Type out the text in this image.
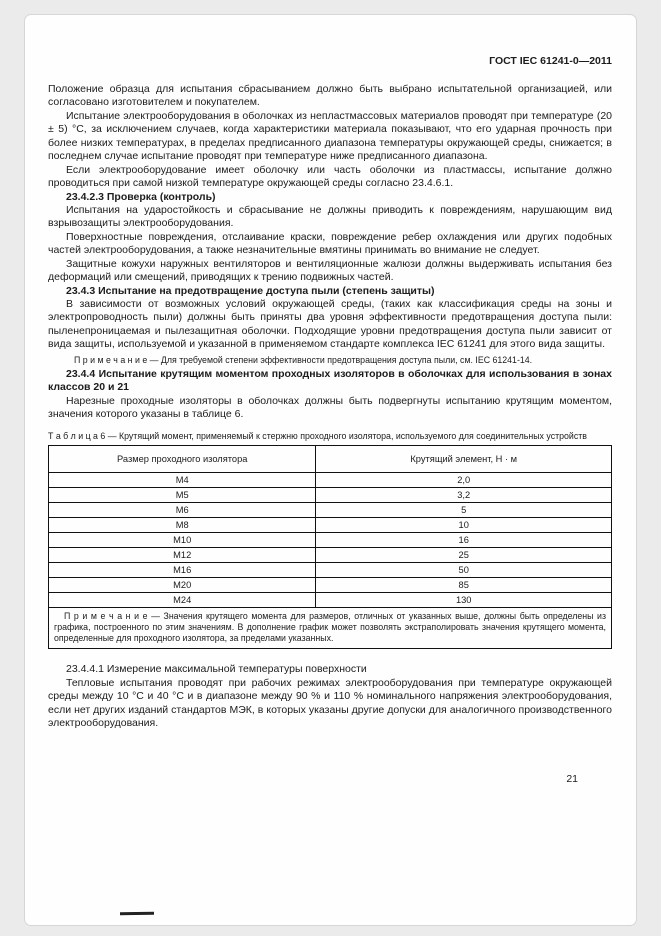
ГОСТ IEC 61241-0—2011

Положение образца для испытания сбрасыванием должно быть выбрано испытательной организацией, или согласовано изготовителем и покупателем.

Испытание электрооборудования в оболочках из непластмассовых материалов проводят при температуре (20 ± 5) °С, за исключением случаев, когда характеристики материала показывают, что его ударная прочность при более низких температурах, в пределах предписанного диапазона температуры окружающей среды, снижается; в последнем случае испытание проводят при температуре ниже предписанного диапазона.

Если электрооборудование имеет оболочку или часть оболочки из пластмассы, испытание должно проводиться при самой низкой температуре окружающей среды согласно 23.4.6.1.

23.4.2.3 Проверка (контроль)

Испытания на ударостойкость и сбрасывание не должны приводить к повреждениям, нарушающим вид взрывозащиты электрооборудования.

Поверхностные повреждения, отслаивание краски, повреждение ребер охлаждения или других подобных частей электрооборудования, а также незначительные вмятины принимать во внимание не следует.

Защитные кожухи наружных вентиляторов и вентиляционные жалюзи должны выдерживать испытания без деформаций или смещений, приводящих к трению подвижных частей.

23.4.3 Испытание на предотвращение доступа пыли (степень защиты)

В зависимости от возможных условий окружающей среды, (таких как классификация среды на зоны и электропроводность пыли) должны быть приняты два уровня эффективности предотвращения доступа пыли: пыленепроницаемая и пылезащитная оболочки. Подходящие уровни предотвращения доступа пыли зависит от вида защиты, используемой и указанной в применяемом стандарте комплекса IEC 61241 для этого вида защиты.

П р и м е ч а н и е — Для требуемой степени эффективности предотвращения доступа пыли, см. IEC 61241-14.

23.4.4 Испытание крутящим моментом проходных изоляторов в оболочках для использования в зонах классов 20 и 21

Нарезные проходные изоляторы в оболочках должны быть подвергнуты испытанию крутящим моментом, значения которого указаны в таблице 6.

Т а б л и ц а 6 — Крутящий момент, применяемый к стержню проходного изолятора, используемого для соединительных устройств

Размер проходного изолятора	Крутящий элемент, Н · м
M4	2,0
M5	3,2
M6	5
M8	10
M10	16
M12	25
M16	50
M20	85
M24	130
П р и м е ч а н и е — Значения крутящего момента для размеров, отличных от указанных выше, должны быть определены из графика, построенного по этим значениям. В дополнение график может позволять экстраполировать значения крутящего момента, определенные для проходного изолятора, за пределами указанных.	

23.4.4.1 Измерение максимальной температуры поверхности

Тепловые испытания проводят при рабочих режимах электрооборудования при температуре окружающей среды между 10 °С и 40 °С и в диапазоне между 90 % и 110 % номинального напряжения электрооборудования, если нет других изданий стандартов МЭК, в которых указаны другие допуски для аналогичного производственного электрооборудования.

21
